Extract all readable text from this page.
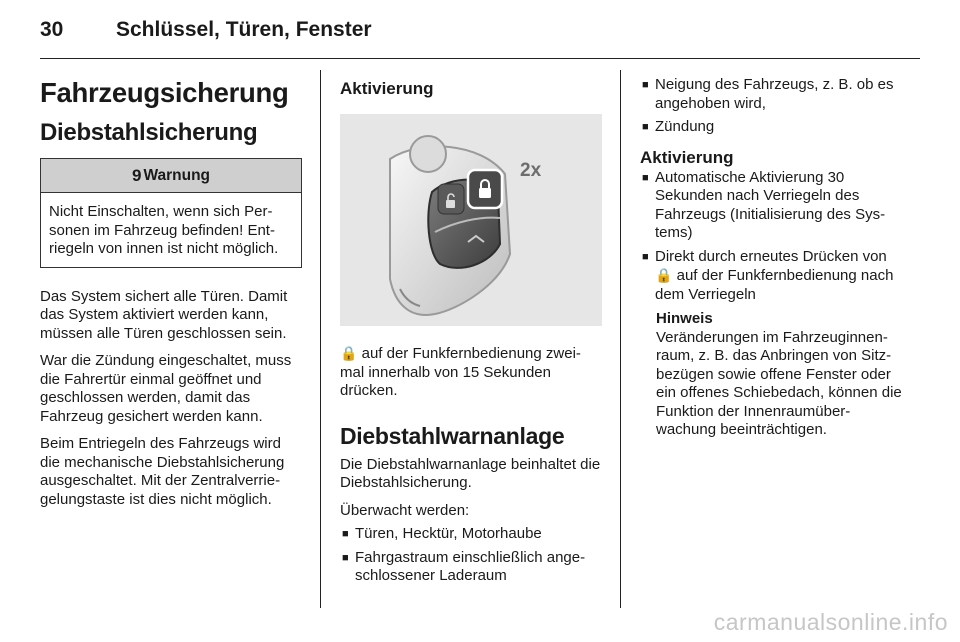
30	Schlüssel, Türen, Fenster
Fahrzeugsicherung
Diebstahlsicherung
9 Warnung
Nicht Einschalten, wenn sich Per-sonen im Fahrzeug befinden! Ent-riegeln von innen ist nicht möglich.
Das System sichert alle Türen. Damit das System aktiviert werden kann, müssen alle Türen geschlossen sein.
War die Zündung eingeschaltet, muss die Fahrertür einmal geöffnet und geschlossen werden, damit das Fahrzeug gesichert werden kann.
Beim Entriegeln des Fahrzeugs wird die mechanische Diebstahlsicherung ausgeschaltet. Mit der Zentralverrie-gelungstaste ist dies nicht möglich.
Aktivierung
2x
🔒 auf der Funkfernbedienung zwei-mal innerhalb von 15 Sekunden drücken.
Diebstahlwarnanlage
Die Diebstahlwarnanlage beinhaltet die Diebstahlsicherung.
Überwacht werden:
■ Türen, Hecktür, Motorhaube
■ Fahrgastraum einschließlich ange-schlossener Laderaum
■ Neigung des Fahrzeugs, z. B. ob es angehoben wird,
■ Zündung
Aktivierung
■ Automatische Aktivierung 30 Sekunden nach Verriegeln des Fahrzeugs (Initialisierung des Sys-tems)
■ Direkt durch erneutes Drücken von
🔒 auf der Funkfernbedienung nach dem Verriegeln
Hinweis
Veränderungen im Fahrzeuginnen-raum, z. B. das Anbringen von Sitz-bezügen sowie offene Fenster oder ein offenes Schiebedach, können die Funktion der Innenraumüber-wachung beeinträchtigen.
carmanualsonline.info
